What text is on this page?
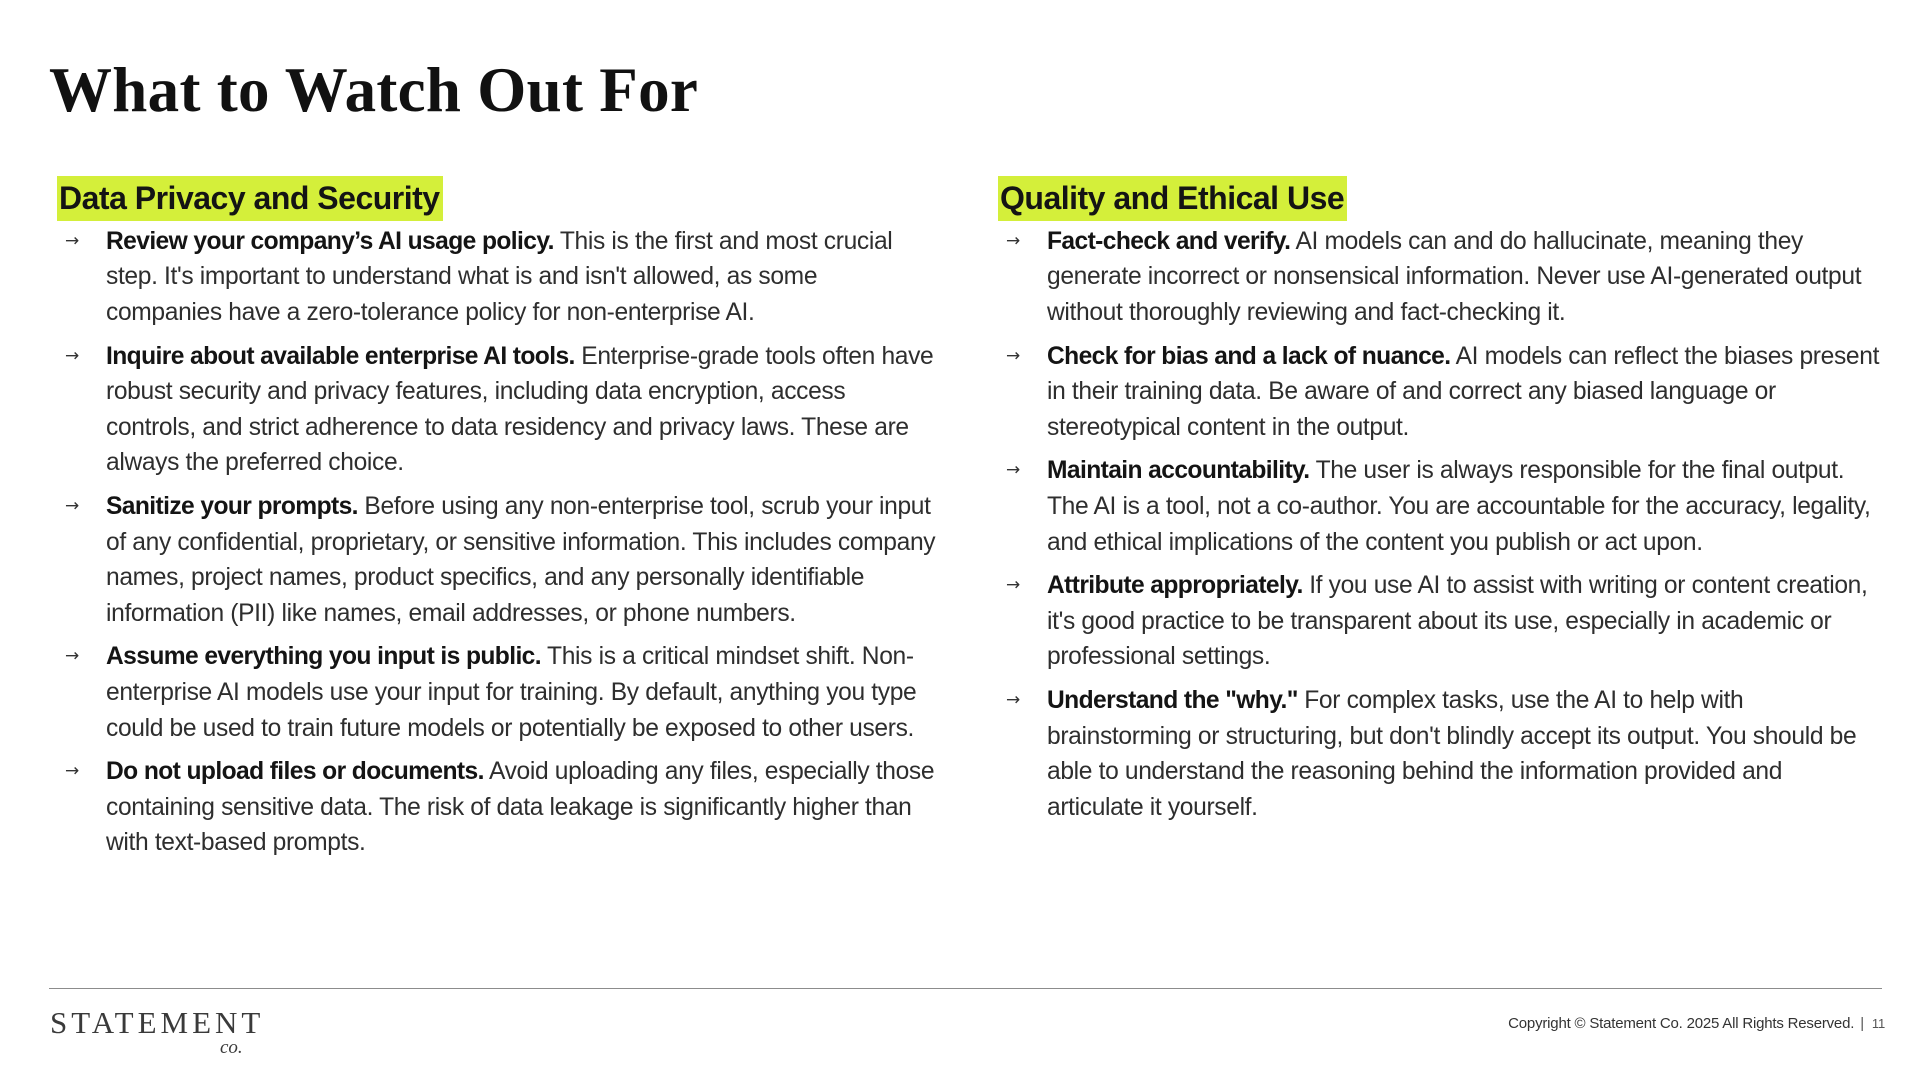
What to Watch Out For
Data Privacy and Security
→ Review your company’s AI usage policy. This is the first and most crucial step. It's important to understand what is and isn't allowed, as some companies have a zero-tolerance policy for non-enterprise AI.
→ Inquire about available enterprise AI tools. Enterprise-grade tools often have robust security and privacy features, including data encryption, access controls, and strict adherence to data residency and privacy laws. These are always the preferred choice.
→ Sanitize your prompts. Before using any non-enterprise tool, scrub your input of any confidential, proprietary, or sensitive information. This includes company names, project names, product specifics, and any personally identifiable information (PII) like names, email addresses, or phone numbers.
→ Assume everything you input is public. This is a critical mindset shift. Non-enterprise AI models use your input for training. By default, anything you type could be used to train future models or potentially be exposed to other users.
→ Do not upload files or documents. Avoid uploading any files, especially those containing sensitive data. The risk of data leakage is significantly higher than with text-based prompts.
Quality and Ethical Use
→ Fact-check and verify. AI models can and do hallucinate, meaning they generate incorrect or nonsensical information. Never use AI-generated output without thoroughly reviewing and fact-checking it.
→ Check for bias and a lack of nuance. AI models can reflect the biases present in their training data. Be aware of and correct any biased language or stereotypical content in the output.
→ Maintain accountability. The user is always responsible for the final output. The AI is a tool, not a co-author. You are accountable for the accuracy, legality, and ethical implications of the content you publish or act upon.
→ Attribute appropriately. If you use AI to assist with writing or content creation, it's good practice to be transparent about its use, especially in academic or professional settings.
→ Understand the "why." For complex tasks, use the AI to help with brainstorming or structuring, but don't blindly accept its output. You should be able to understand the reasoning behind the information provided and articulate it yourself.
STATEMENT
co.
Copyright © Statement Co. 2025 All Rights Reserved. | 11
